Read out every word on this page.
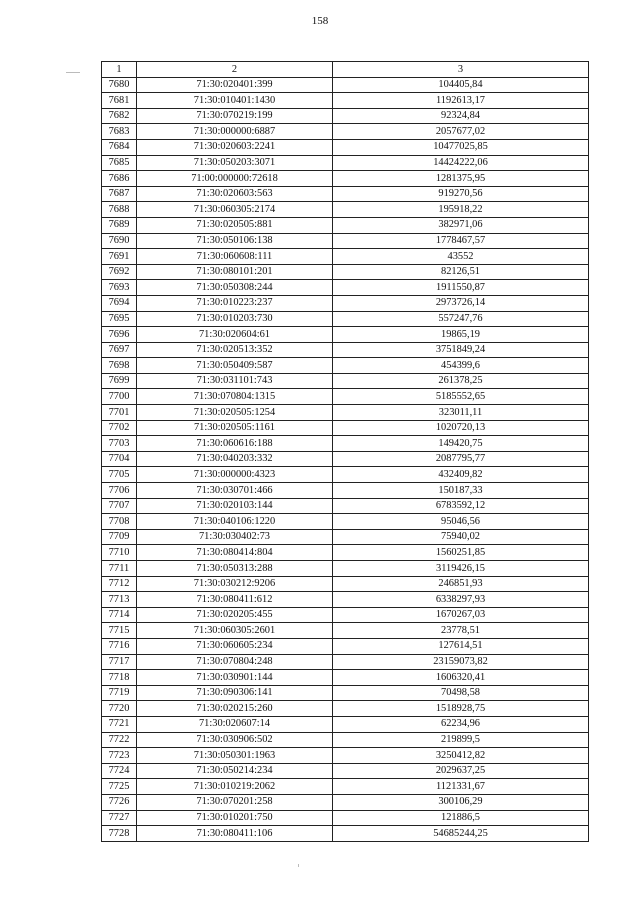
158
1	2	3
7680	71:30:020401:399	104405,84
7681	71:30:010401:1430	1192613,17
7682	71:30:070219:199	92324,84
7683	71:30:000000:6887	2057677,02
7684	71:30:020603:2241	10477025,85
7685	71:30:050203:3071	14424222,06
7686	71:00:000000:72618	1281375,95
7687	71:30:020603:563	919270,56
7688	71:30:060305:2174	195918,22
7689	71:30:020505:881	382971,06
7690	71:30:050106:138	1778467,57
7691	71:30:060608:111	43552
7692	71:30:080101:201	82126,51
7693	71:30:050308:244	1911550,87
7694	71:30:010223:237	2973726,14
7695	71:30:010203:730	557247,76
7696	71:30:020604:61	19865,19
7697	71:30:020513:352	3751849,24
7698	71:30:050409:587	454399,6
7699	71:30:031101:743	261378,25
7700	71:30:070804:1315	5185552,65
7701	71:30:020505:1254	323011,11
7702	71:30:020505:1161	1020720,13
7703	71:30:060616:188	149420,75
7704	71:30:040203:332	2087795,77
7705	71:30:000000:4323	432409,82
7706	71:30:030701:466	150187,33
7707	71:30:020103:144	6783592,12
7708	71:30:040106:1220	95046,56
7709	71:30:030402:73	75940,02
7710	71:30:080414:804	1560251,85
7711	71:30:050313:288	3119426,15
7712	71:30:030212:9206	246851,93
7713	71:30:080411:612	6338297,93
7714	71:30:020205:455	1670267,03
7715	71:30:060305:2601	23778,51
7716	71:30:060605:234	127614,51
7717	71:30:070804:248	23159073,82
7718	71:30:030901:144	1606320,41
7719	71:30:090306:141	70498,58
7720	71:30:020215:260	1518928,75
7721	71:30:020607:14	62234,96
7722	71:30:030906:502	219899,5
7723	71:30:050301:1963	3250412,82
7724	71:30:050214:234	2029637,25
7725	71:30:010219:2062	1121331,67
7726	71:30:070201:258	300106,29
7727	71:30:010201:750	121886,5
7728	71:30:080411:106	54685244,25
